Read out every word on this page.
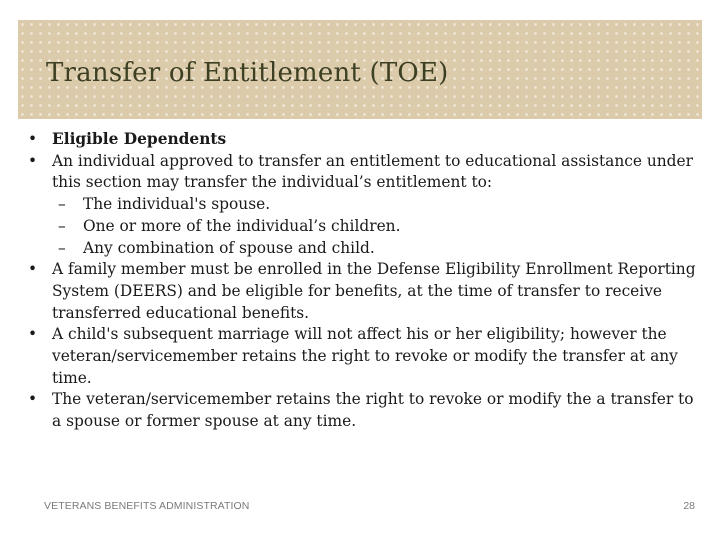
Transfer of Entitlement (TOE)
• Eligible Dependents
• An individual approved to transfer an entitlement to educational assistance under this section may transfer the individual’s entitlement to:
– The individual's spouse.
– One or more of the individual’s children.
– Any combination of spouse and child.
• A family member must be enrolled in the Defense Eligibility Enrollment Reporting System (DEERS) and be eligible for benefits, at the time of transfer to receive transferred educational benefits.
• A child's subsequent marriage will not affect his or her eligibility; however the veteran/servicemember retains the right to revoke or modify the transfer at any time.
• The veteran/servicemember retains the right to revoke or modify the a transfer to a spouse or former spouse at any time.
VETERANS BENEFITS ADMINISTRATION	28
